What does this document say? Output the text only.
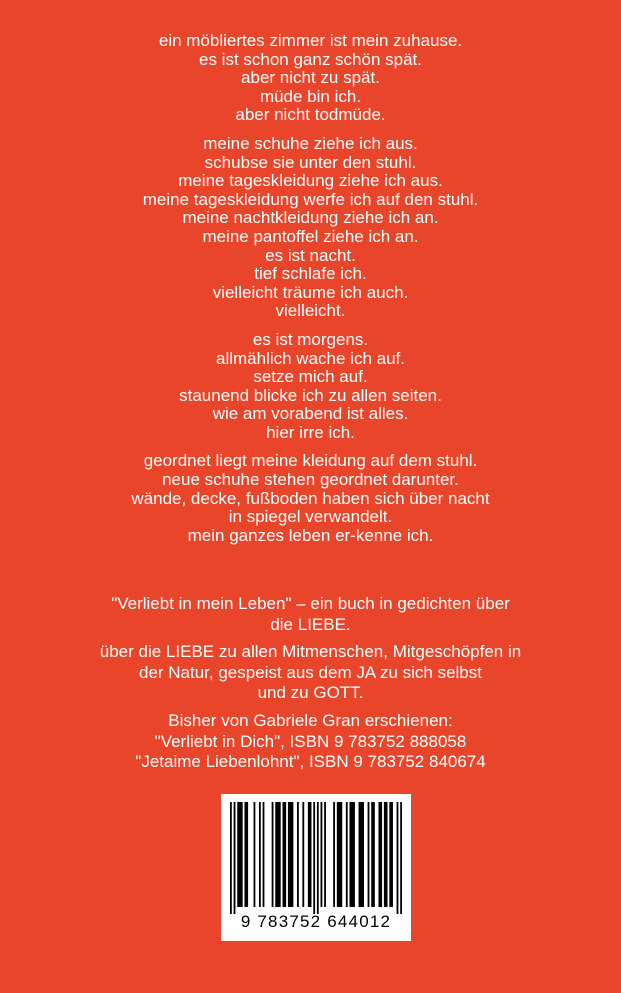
ein möbliertes zimmer ist mein zuhause.
es ist schon ganz schön spät.
aber nicht zu spät.
müde bin ich.
aber nicht todmüde.
meine schuhe ziehe ich aus.
schubse sie unter den stuhl.
meine tageskleidung ziehe ich aus.
meine tageskleidung werfe ich auf den stuhl.
meine nachtkleidung ziehe ich an.
meine pantoffel ziehe ich an.
es ist nacht.
tief schlafe ich.
vielleicht träume ich auch.
vielleicht.
es ist morgens.
allmählich wache ich auf.
setze mich auf.
staunend blicke ich zu allen seiten.
wie am vorabend ist alles.
hier irre ich.
geordnet liegt meine kleidung auf dem stuhl.
neue schuhe stehen geordnet darunter.
wände, decke, fußboden haben sich über nacht
in spiegel verwandelt.
mein ganzes leben er-kenne ich.
"Verliebt in mein Leben" – ein buch in gedichten über
die LIEBE.
über die LIEBE zu allen Mitmenschen, Mitgeschöpfen in
der Natur, gespeist aus dem JA zu sich selbst
und zu GOTT.
Bisher von Gabriele Gran erschienen:
"Verliebt in Dich", ISBN 9 783752 888058
"Jetaime Liebenlohnt", ISBN 9 783752 840674
9 783752 644012
